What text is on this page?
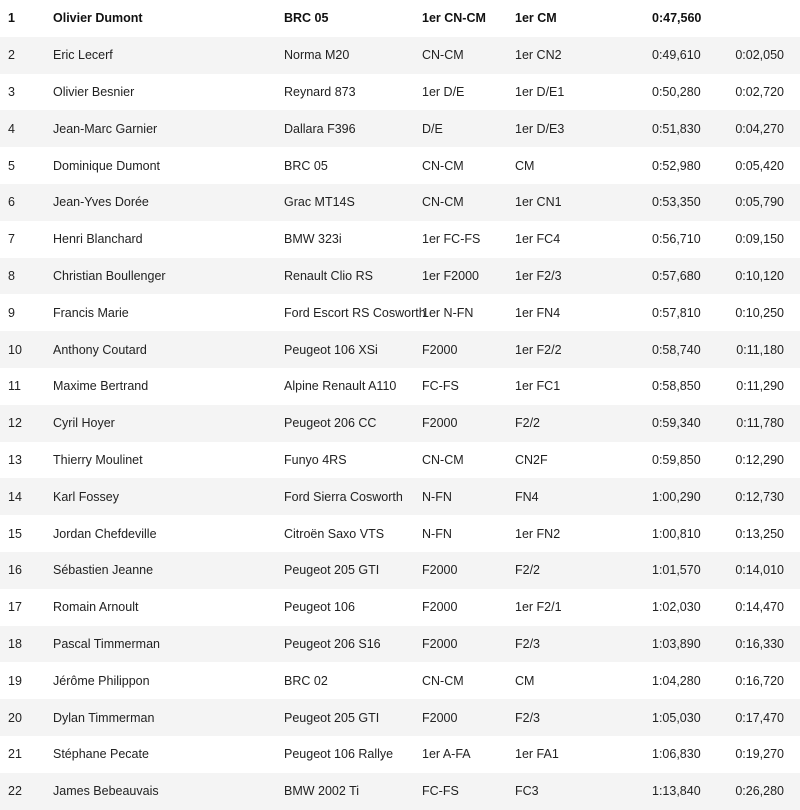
1	Olivier Dumont	BRC 05	1er CN-CM	1er CM	0:47,560	
2	Eric Lecerf	Norma M20	CN-CM	1er CN2	0:49,610	0:02,050
3	Olivier Besnier	Reynard 873	1er D/E	1er D/E1	0:50,280	0:02,720
4	Jean-Marc Garnier	Dallara F396	D/E	1er D/E3	0:51,830	0:04,270
5	Dominique Dumont	BRC 05	CN-CM	CM	0:52,980	0:05,420
6	Jean-Yves Dorée	Grac MT14S	CN-CM	1er CN1	0:53,350	0:05,790
7	Henri Blanchard	BMW 323i	1er FC-FS	1er FC4	0:56,710	0:09,150
8	Christian Boullenger	Renault Clio RS	1er F2000	1er F2/3	0:57,680	0:10,120
9	Francis Marie	Ford Escort RS Cosworth	1er N-FN	1er FN4	0:57,810	0:10,250
10	Anthony Coutard	Peugeot 106 XSi	F2000	1er F2/2	0:58,740	0:11,180
11	Maxime Bertrand	Alpine Renault A110	FC-FS	1er FC1	0:58,850	0:11,290
12	Cyril Hoyer	Peugeot 206 CC	F2000	F2/2	0:59,340	0:11,780
13	Thierry Moulinet	Funyo 4RS	CN-CM	CN2F	0:59,850	0:12,290
14	Karl Fossey	Ford Sierra Cosworth	N-FN	FN4	1:00,290	0:12,730
15	Jordan Chefdeville	Citroën Saxo VTS	N-FN	1er FN2	1:00,810	0:13,250
16	Sébastien Jeanne	Peugeot 205 GTI	F2000	F2/2	1:01,570	0:14,010
17	Romain Arnoult	Peugeot 106	F2000	1er F2/1	1:02,030	0:14,470
18	Pascal Timmerman	Peugeot 206 S16	F2000	F2/3	1:03,890	0:16,330
19	Jérôme Philippon	BRC 02	CN-CM	CM	1:04,280	0:16,720
20	Dylan Timmerman	Peugeot 205 GTI	F2000	F2/3	1:05,030	0:17,470
21	Stéphane Pecate	Peugeot 106 Rallye	1er A-FA	1er FA1	1:06,830	0:19,270
22	James Bebeauvais	BMW 2002 Ti	FC-FS	FC3	1:13,840	0:26,280
